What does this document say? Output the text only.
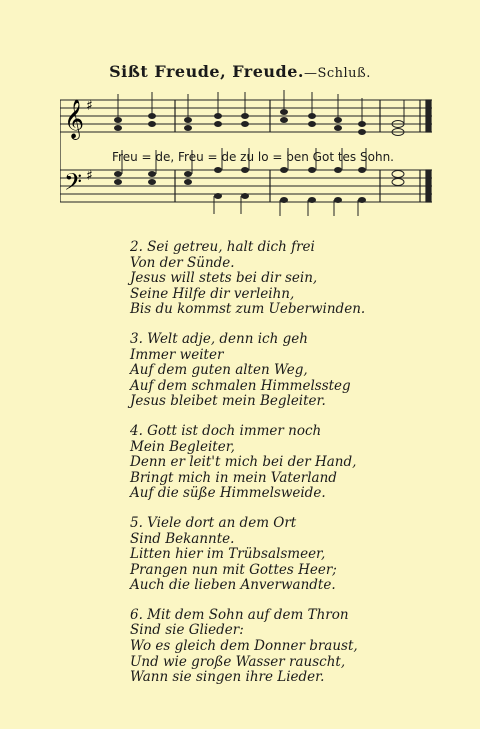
Sißt Freude, Freude.—Schluß.
𝄞 ♯
𝄢 ♯
Freu = de, Freu = de zu lo = ben Got tes Sohn.

2. Sei getreu, halt dich frei

Von der Sünde.

Jesus will stets bei dir sein,

Seine Hilfe dir verleihn,

Bis du kommst zum Ueberwinden.

3. Welt adje, denn ich geh

Immer weiter

Auf dem guten alten Weg,

Auf dem schmalen Himmelssteg

Jesus bleibet mein Begleiter.

4. Gott ist doch immer noch

Mein Begleiter,

Denn er leit't mich bei der Hand,

Bringt mich in mein Vaterland

Auf die süße Himmelsweide.

5. Viele dort an dem Ort

Sind Bekannte.

Litten hier im Trübsalsmeer,

Prangen nun mit Gottes Heer;

Auch die lieben Anverwandte.

6. Mit dem Sohn auf dem Thron

Sind sie Glieder:

Wo es gleich dem Donner braust,

Und wie große Wasser rauscht,

Wann sie singen ihre Lieder.
